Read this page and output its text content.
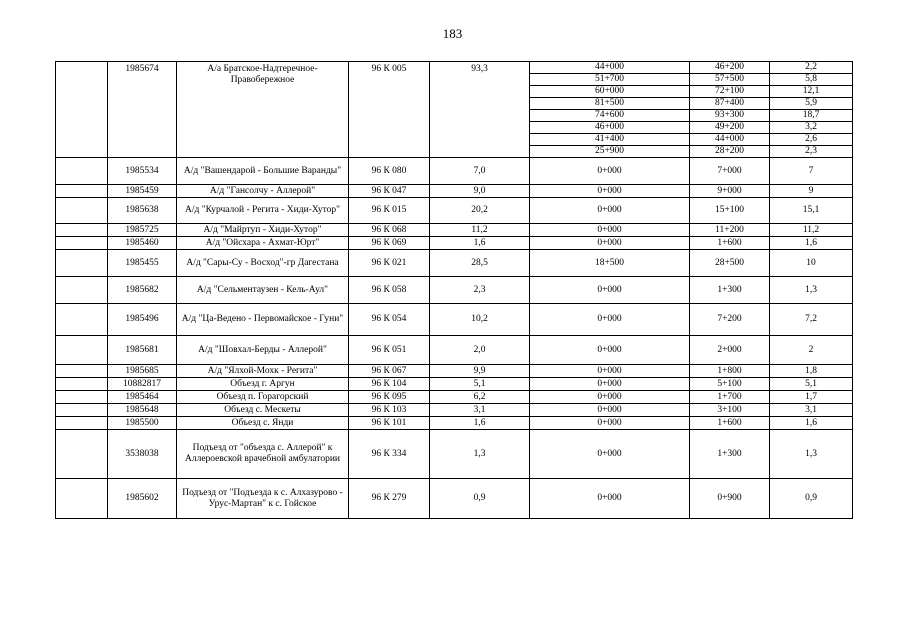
183
	1985674	А/а Братское-Надтеречное-Правобережное	96 К 005	93,3	44+000	46+200	2,2
					51+700	57+500	5,8
					60+000	72+100	12,1
					81+500	87+400	5,9
					74+600	93+300	18,7
					46+000	49+200	3,2
					41+400	44+000	2,6
					25+900	28+200	2,3
	1985534	А/д "Вашендарой - Большие Варанды"	96 К 080	7,0	0+000	7+000	7
	1985459	А/д "Гансолчу - Аллерой"	96 К 047	9,0	0+000	9+000	9
	1985638	А/д "Курчалой - Регита - Хиди-Хутор"	96 К 015	20,2	0+000	15+100	15,1
	1985725	А/д "Майртуп - Хиди-Хутор"	96 К 068	11,2	0+000	11+200	11,2
	1985460	А/д "Ойсхара - Ахмат-Юрт"	96 К 069	1,6	0+000	1+600	1,6
	1985455	А/д "Сары-Су - Восход"-гр Дагестана	96 К 021	28,5	18+500	28+500	10
	1985682	А/д "Сельментаузен - Кель-Аул"	96 К 058	2,3	0+000	1+300	1,3
	1985496	А/д "Ца-Ведено - Первомайское - Гуни"	96 К 054	10,2	0+000	7+200	7,2
	1985681	А/д "Шовхал-Берды - Аллерой"	96 К 051	2,0	0+000	2+000	2
	1985685	А/д "Ялхой-Мохк - Регита"	96 К 067	9,9	0+000	1+800	1,8
	10882817	Объезд г. Аргун	96 К 104	5,1	0+000	5+100	5,1
	1985464	Объезд п. Горагорский	96 К 095	6,2	0+000	1+700	1,7
	1985648	Объезд с. Мескеты	96 К 103	3,1	0+000	3+100	3,1
	1985500	Объезд с. Янди	96 К 101	1,6	0+000	1+600	1,6
	3538038	Подъезд от "объезда с. Аллерой" к Аллероевской врачебной амбулатории	96 К 334	1,3	0+000	1+300	1,3
	1985602	Подъезд от "Подъезда к с. Алхазурово - Урус-Мартан" к с. Гойское	96 К 279	0,9	0+000	0+900	0,9
